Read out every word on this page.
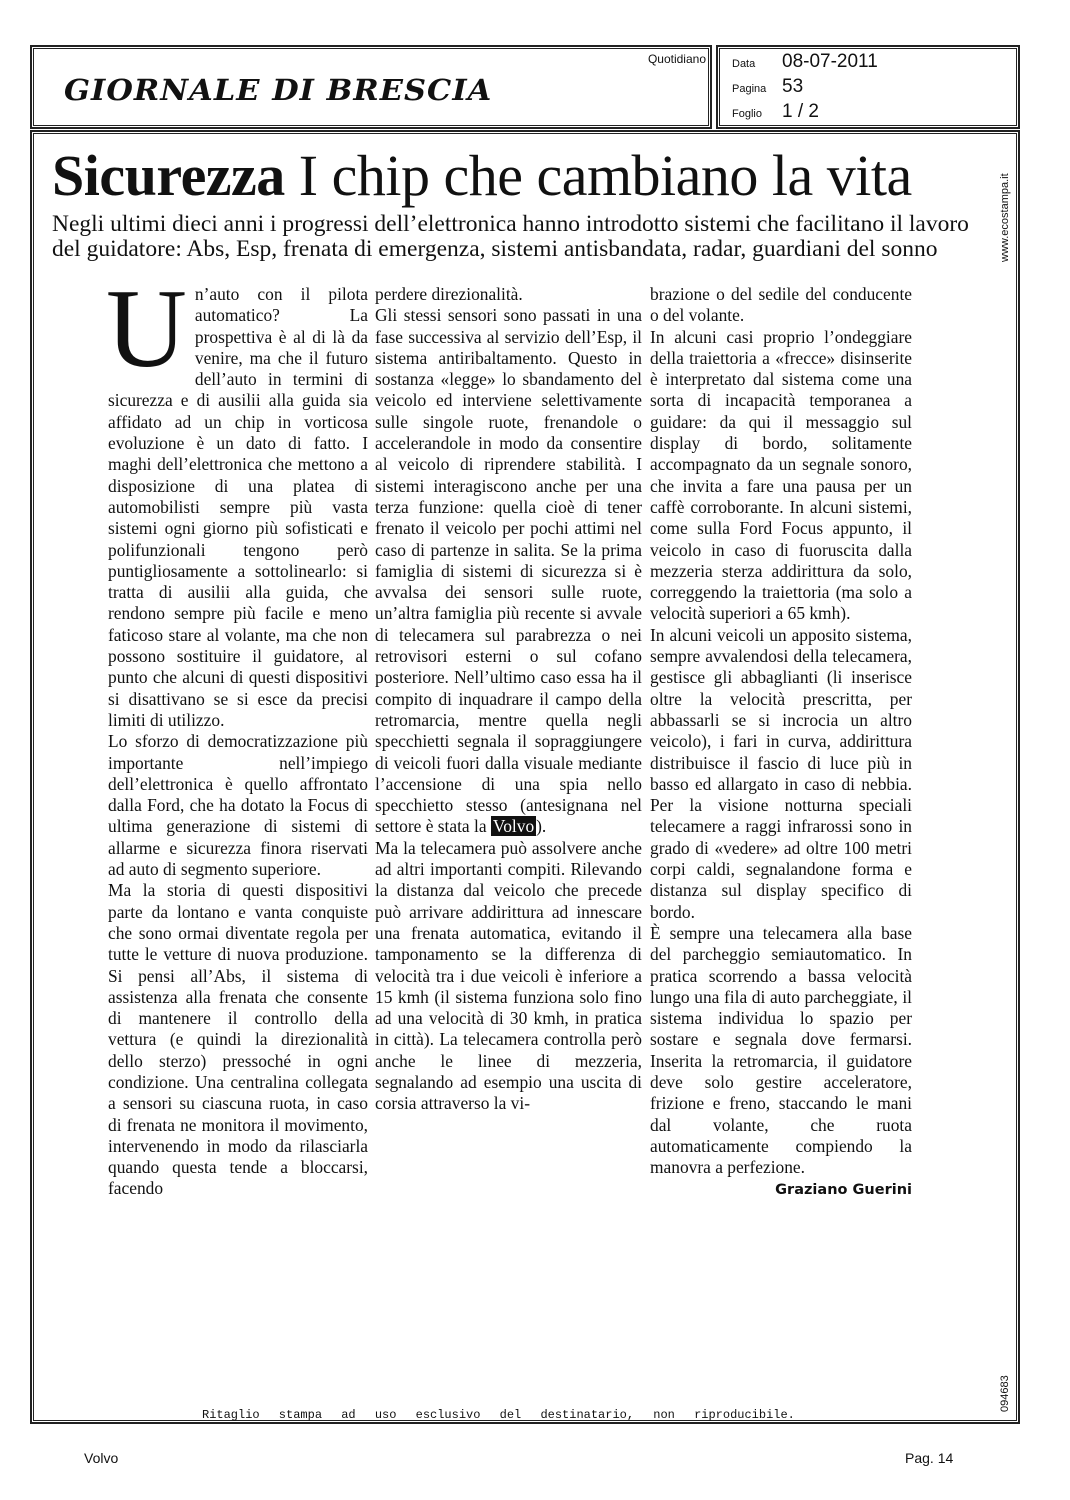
GIORNALE DI BRESCIA
Quotidiano Data 08-07-2011
Pagina 53
Foglio 1 / 2
Sicurezza I chip che cambiano la vita
Negli ultimi dieci anni i progressi dell’elettronica hanno introdotto sistemi che facilitano il lavoro del guidatore: Abs, Esp, frenata di emergenza, sistemi antisbandata, radar, guardiani del sonno

Un’auto con il pilota automatico? La prospettiva è al di là da venire, ma che il futuro dell’auto in termini di sicurezza e di ausilii alla guida sia affidato ad un chip in vorticosa evoluzione è un dato di fatto. I maghi dell’elettronica che mettono a disposizione di una platea di automobilisti sempre più vasta sistemi ogni giorno più sofisticati e polifunzionali tengono però puntigliosamente a sottolinearlo: si tratta di ausilii alla guida, che rendono sempre più facile e meno faticoso stare al volante, ma che non possono sostituire il guidatore, al punto che alcuni di questi dispositivi si disattivano se si esce da precisi limiti di utilizzo.

Lo sforzo di democratizzazione più importante nell’impiego dell’elettronica è quello affrontato dalla Ford, che ha dotato la Focus di ultima generazione di sistemi di allarme e sicurezza finora riservati ad auto di segmento superiore.

Ma la storia di questi dispositivi parte da lontano e vanta conquiste che sono ormai diventate regola per tutte le vetture di nuova produzione. Si pensi all’Abs, il sistema di assistenza alla frenata che consente di mantenere il controllo della vettura (e quindi la direzionalità dello sterzo) pressoché in ogni condizione. Una centralina collegata a sensori su ciascuna ruota, in caso di frenata ne monitora il movimento, intervenendo in modo da rilasciarla quando questa tende a bloccarsi, facendo

perdere direzionalità.

Gli stessi sensori sono passati in una fase successiva al servizio dell’Esp, il sistema antiribaltamento. Questo in sostanza «legge» lo sbandamento del veicolo ed interviene selettivamente sulle singole ruote, frenandole o accelerandole in modo da consentire al veicolo di riprendere stabilità. I sistemi interagiscono anche per una terza funzione: quella cioè di tener frenato il veicolo per pochi attimi nel caso di partenze in salita. Se la prima famiglia di sistemi di sicurezza si è avvalsa dei sensori sulle ruote, un’altra famiglia più recente si avvale di telecamera sul parabrezza o nei retrovisori esterni o sul cofano posteriore. Nell’ultimo caso essa ha il compito di inquadrare il campo della retromarcia, mentre quella negli specchietti segnala il sopraggiungere di veicoli fuori dalla visuale mediante l’accensione di una spia nello specchietto stesso (antesignana nel settore è stata la Volvo ).

Ma la telecamera può assolvere anche ad altri importanti compiti. Rilevando la distanza dal veicolo che precede può arrivare addirittura ad innescare una frenata automatica, evitando il tamponamento se la differenza di velocità tra i due veicoli è inferiore a 15 kmh (il sistema funziona solo fino ad una velocità di 30 kmh, in pratica in città). La telecamera controlla però anche le linee di mezzeria, segnalando ad esempio una uscita di corsia attraverso la vi-

brazione o del sedile del conducente o del volante.

In alcuni casi proprio l’ondeggiare della traiettoria a «frecce» disinserite è interpretato dal sistema come una sorta di incapacità temporanea a guidare: da qui il messaggio sul display di bordo, solitamente accompagnato da un segnale sonoro, che invita a fare una pausa per un caffè corroborante. In alcuni sistemi, come sulla Ford Focus appunto, il veicolo in caso di fuoruscita dalla mezzeria sterza addirittura da solo, correggendo la traiettoria (ma solo a velocità superiori a 65 kmh).

In alcuni veicoli un apposito sistema, sempre avvalendosi della telecamera, gestisce gli abbaglianti (li inserisce oltre la velocità prescritta, per abbassarli se si incrocia un altro veicolo), i fari in curva, addirittura distribuisce il fascio di luce più in basso ed allargato in caso di nebbia. Per la visione notturna speciali telecamere a raggi infrarossi sono in grado di «vedere» ad oltre 100 metri corpi caldi, segnalandone forma e distanza sul display specifico di bordo.

È sempre una telecamera alla base del parcheggio semiautomatico. In pratica scorrendo a bassa velocità lungo una fila di auto parcheggiate, il sistema individua lo spazio per sostare e segnala dove fermarsi. Inserita la retromarcia, il guidatore deve solo gestire acceleratore, frizione e freno, staccando le mani dal volante, che ruota automaticamente compiendo la manovra a perfezione.

Graziano Guerini
Ritaglio stampa ad uso esclusivo del destinatario, non riproducibile.
www.ecostampa.it
094683
Volvo	Pag. 14
